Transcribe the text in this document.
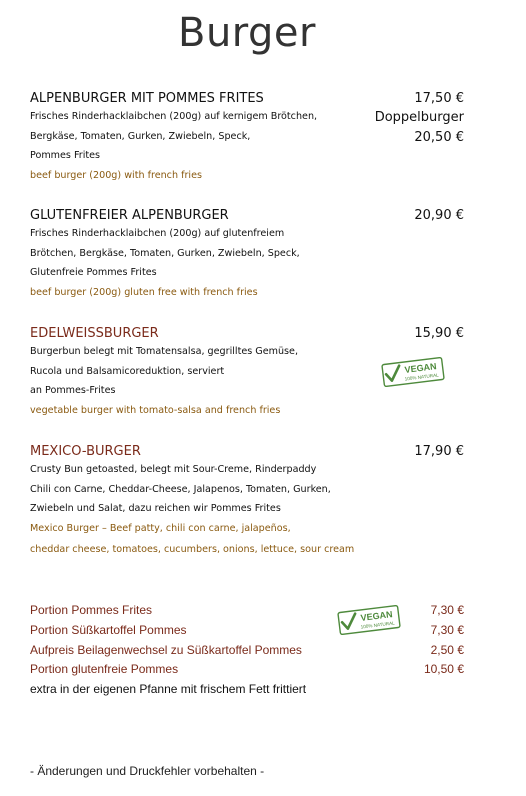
Burger
ALPENBURGER MIT POMMES FRITES
Frisches Rinderhacklaibchen (200g) auf kernigem Brötchen,
Bergkäse, Tomaten, Gurken, Zwiebeln, Speck,
Pommes Frites
beef burger (200g) with french fries
17,50 €
Doppelburger
20,50 €
GLUTENFREIER ALPENBURGER
Frisches Rinderhacklaibchen (200g) auf glutenfreiem
Brötchen, Bergkäse, Tomaten, Gurken, Zwiebeln, Speck,
Glutenfreie Pommes Frites
beef burger (200g) gluten free with french fries
20,90 €
EDELWEISSBURGER
Burgerbun belegt mit Tomatensalsa, gegrilltes Gemüse,
Rucola und Balsamicoreduktion, serviert
an Pommes-Frites
vegetable burger with tomato-salsa and french fries
15,90 €
VEGAN
100% NATURAL
MEXICO-BURGER
Crusty Bun getoasted, belegt mit Sour-Creme, Rinderpaddy
Chili con Carne, Cheddar-Cheese, Jalapenos, Tomaten, Gurken,
Zwiebeln und Salat, dazu reichen wir Pommes Frites
Mexico Burger – Beef patty, chili con carne, jalapeños,
cheddar cheese, tomatoes, cucumbers, onions, lettuce, sour cream
17,90 €
Portion Pommes Frites	7,30 €
Portion Süßkartoffel Pommes	7,30 €
Aufpreis Beilagenwechsel zu Süßkartoffel Pommes	2,50 €
Portion glutenfreie Pommes	10,50 €
extra in der eigenen Pfanne mit frischem Fett frittiert
VEGAN
100% NATURAL
- Änderungen und Druckfehler vorbehalten -
